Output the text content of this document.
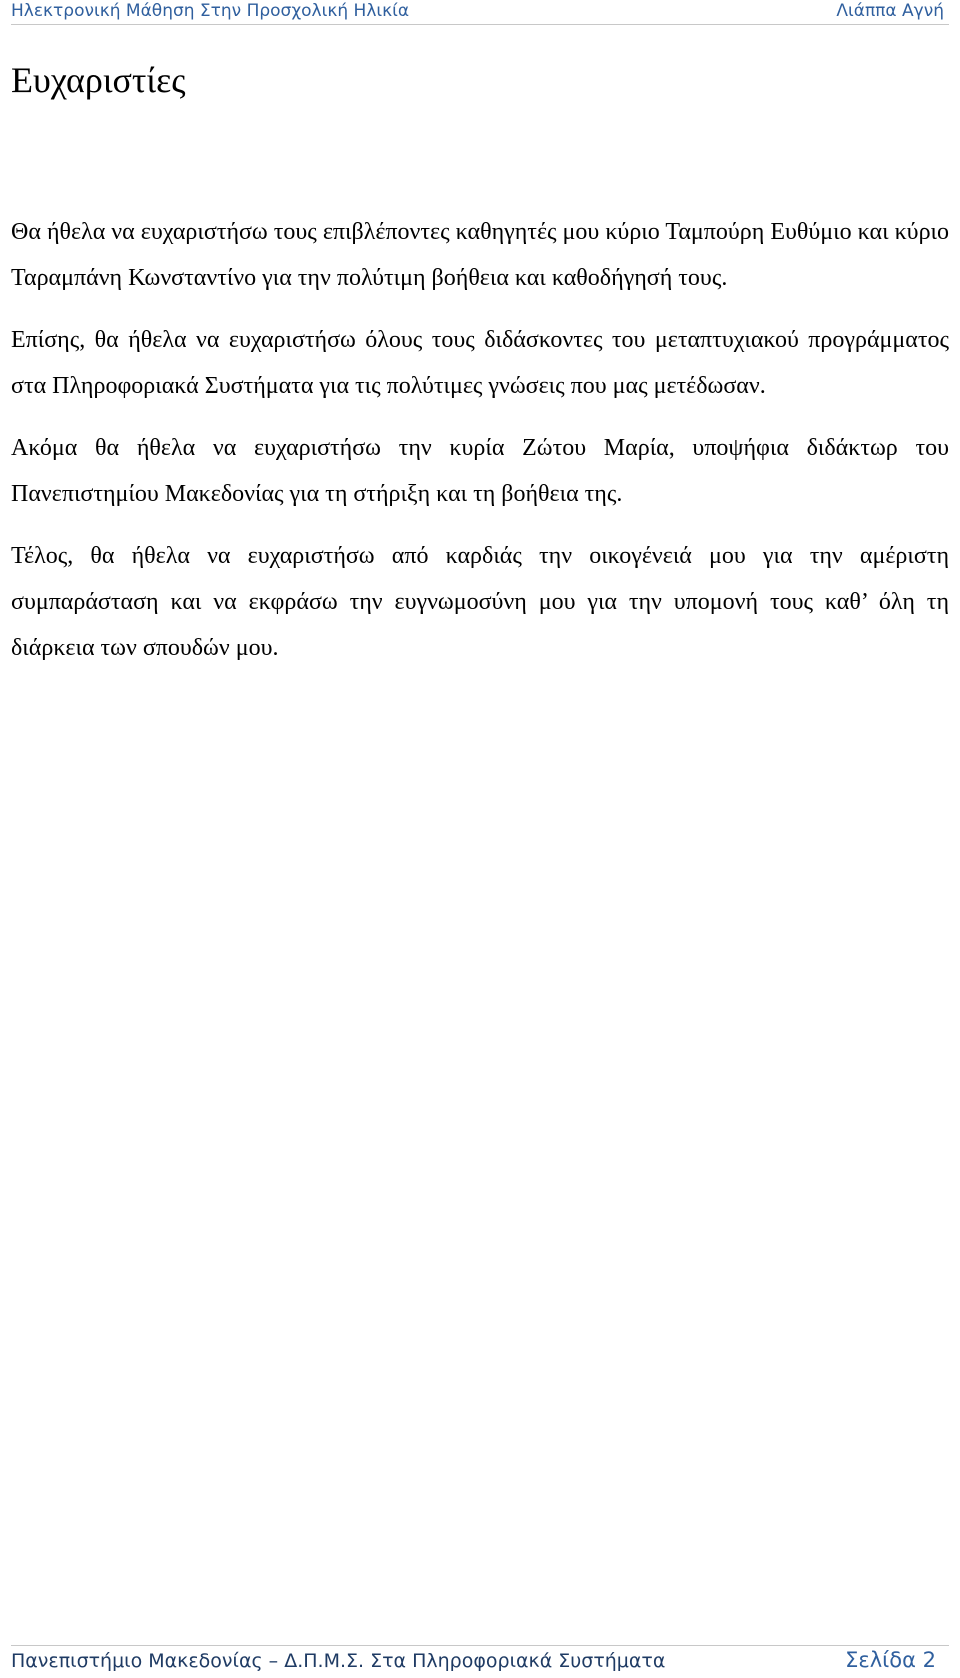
Ηλεκτρονική Μάθηση Στην Προσχολική Ηλικία	Λιάππα Αγνή
Ευχαριστίες

Θα ήθελα να ευχαριστήσω τους επιβλέποντες καθηγητές μου κύριο Ταμπούρη Ευθύμιο και κύριο Ταραμπάνη Κωνσταντίνο για την πολύτιμη βοήθεια και καθοδήγησή τους.

Επίσης, θα ήθελα να ευχαριστήσω όλους τους διδάσκοντες του μεταπτυχιακού προγράμματος στα Πληροφοριακά Συστήματα για τις πολύτιμες γνώσεις που μας μετέδωσαν.

Ακόμα θα ήθελα να ευχαριστήσω την κυρία Ζώτου Μαρία, υποψήφια διδάκτωρ του Πανεπιστημίου Μακεδονίας για τη στήριξη και τη βοήθεια της.

Τέλος, θα ήθελα να ευχαριστήσω από καρδιάς την οικογένειά μου για την αμέριστη συμπαράσταση και να εκφράσω την ευγνωμοσύνη μου για την υπομονή τους καθ’ όλη τη διάρκεια των σπουδών μου.

Πανεπιστήμιο Μακεδονίας – Δ.Π.Μ.Σ. Στα Πληροφοριακά Συστήματα	Σελίδα 2
